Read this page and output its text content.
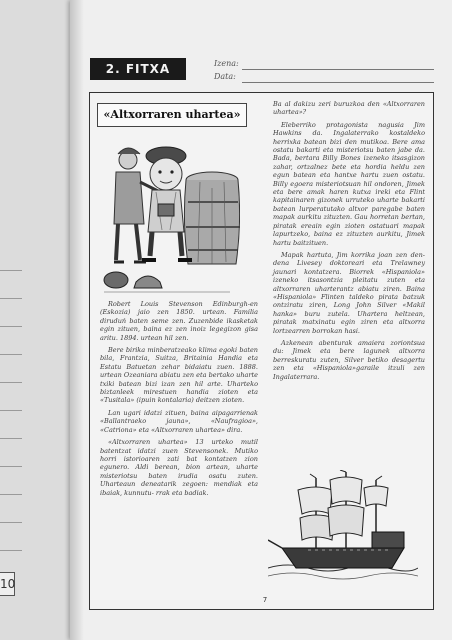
10
2. FITXA	Izena:
Data:
«Altxorraren uhartea»

Robert Louis Stevenson Edinburgh-en (Eskozia) jaio zen 1850. urtean. Familia diruduń baten seme zen. Zuzenbide ikasketak egin zituen, baina ez zen inoiz legegizon gisa aritu. 1894. urtean hil zen.

Bere birika minberatzeako klima egoki baten bila, Frantzia, Suitza, Britainia Handia eta Estatu Batuetan zehar bidaiatu zuen. 1888. urtean Ozeaniara abiatu zen eta bertako uharte txiki batean bizi izan zen hil arte. Uharteko biztanleek mirestuen handia zioten eta «Tusitala» (ipuin kontalaria) deitzen zioten.

Lan ugari idatzi zituen, baina aipagarrienak «Ballantraeko jauna», «Naufragioa», «Catriona» eta «Altxorraren uhartea» dira.

«Altxorraren uhartea» 13 urteko mutil batentzat idatzi zuen Stevensonek. Mutiko horri istorioaren zati bat kontatzen zion egunero. Aldi berean, bion artean, uharte misteriotsu baten irudia osatu zuten. Uharteaun deneatarik zegoen: mendiak eta ibaiak, kunnutu- rrak eta badiak.

Ba al dakizu zeri buruzkoa den «Altxorraren uhartea»?

Eleberriko protagonista nagusia Jim Hawkins da. Ingalaterrako kostaldeko herrixka batean bizi den mutikoa. Bere ama ostatu bakarti eta misteriotsu baten jabe da. Bada, bertara Billy Bones izeneko itsasgizon zahar, ortzalnez bete eta hordia heldu zen egun batean eta hantxe hartu zuen ostatu. Billy egoera misteriotsuan hil ondoren, Jimek eta bere amak haren kutxa ireki eta Flint kapitainaren gizonek urruteko uharte bakarti batean lurperatutako altxor paregabe baten mapak aurkitu zituzten. Gau horretan bertan, piratak ereain egin zioten ostatuari mapak lapurtzeko, baina ez zituzten aurkitu, Jimek hartu baitzituen.

Mapak hartuta, Jim korrika joan zen den-dena Livesey doktoreari eta Trelawney jaunari kontatzera. Biorrek «Hispaniola» izeneko itsasontzia pleitatu zuten eta altxorraren uharterantz abiatu ziren. Baina «Hispaniola» Flinten taldeko pirata batzuk ontziratu ziren, Long John Silver «Makil hanka» buru zutela. Uhartera heltzean, piratak matxinatu egin ziren eta altxorra lortzearren borrokan hasi.

Azkenean abenturak amaiera zoriontsua du: Jimek eta bere lagunek altxorra berreskuratu zuten, Silver betiko desagertu zen eta «Hispaniola»garaile itzuli zen Ingalaterrara.

7
